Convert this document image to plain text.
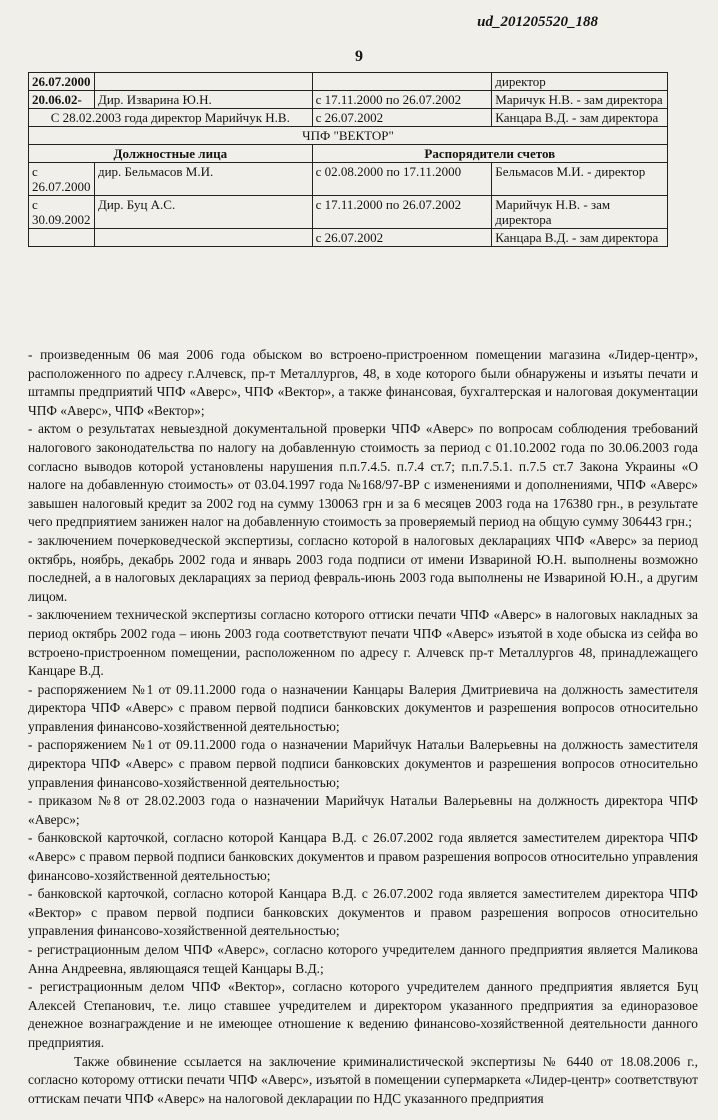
ud_201205520_188
9
26.07.2000			директор
20.06.02-	Дир. Изварина Ю.Н.	с 17.11.2000 по 26.07.2002	Маричук Н.В. - зам директора
С 28.02.2003 года директор Марийчук Н.В.		с 26.07.2002	Канцара В.Д. - зам директора
ЧПФ "ВЕКТОР"			
Должностные лица		Распорядители счетов	
с 26.07.2000	дир. Бельмасов М.И.	с 02.08.2000 по 17.11.2000	Бельмасов М.И. - директор
с 30.09.2002	Дир. Буц А.С.	с 17.11.2000 по 26.07.2002	Марийчук Н.В. - зам директора
		с 26.07.2002	Канцара В.Д. - зам директора

- произведенным 06 мая 2006 года обыском во встроено-пристроенном помещении магазина «Лидер-центр», расположенного по адресу г.Алчевск, пр-т Металлургов, 48, в ходе которого были обнаружены и изъяты печати и штампы предприятий ЧПФ «Аверс», ЧПФ «Вектор», а также финансовая, бухгалтерская и налоговая документации ЧПФ «Аверс», ЧПФ «Вектор»;

- актом о результатах невыездной документальной проверки ЧПФ «Аверс» по вопросам соблюдения требований налогового законодательства по налогу на добавленную стоимость за период с 01.10.2002 года по 30.06.2003 года согласно выводов которой установлены нарушения п.п.7.4.5. п.7.4 ст.7; п.п.7.5.1. п.7.5 ст.7 Закона Украины «О налоге на добавленную стоимость» от 03.04.1997 года №168/97-ВР с изменениями и дополнениями, ЧПФ «Аверс» завышен налоговый кредит за 2002 год на сумму 130063 грн и за 6 месяцев 2003 года на 176380 грн., в результате чего предприятием занижен налог на добавленную стоимость за проверяемый период на общую сумму 306443 грн.;

- заключением почерковедческой экспертизы, согласно которой в налоговых декларациях ЧПФ «Аверс» за период октябрь, ноябрь, декабрь 2002 года и январь 2003 года подписи от имени Извариной Ю.Н. выполнены возможно последней, а в налоговых декларациях за период февраль-июнь 2003 года выполнены не Извариной Ю.Н., а другим лицом.

- заключением технической экспертизы согласно которого оттиски печати ЧПФ «Аверс» в налоговых накладных за период октябрь 2002 года – июнь 2003 года соответствуют печати ЧПФ «Аверс» изъятой в ходе обыска из сейфа во встроено-пристроенном помещении, расположенном по адресу г. Алчевск пр-т Металлургов 48, принадлежащего Канцаре В.Д.

- распоряжением №1 от 09.11.2000 года о назначении Канцары Валерия Дмитриевича на должность заместителя директора ЧПФ «Аверс» с правом первой подписи банковских документов и разрешения вопросов относительно управления финансово-хозяйственной деятельностью;

- распоряжением №1 от 09.11.2000 года о назначении Марийчук Натальи Валерьевны на должность заместителя директора ЧПФ «Аверс» с правом первой подписи банковских документов и разрешения вопросов относительно управления финансово-хозяйственной деятельностью;

- приказом №8 от 28.02.2003 года о назначении Марийчук Натальи Валерьевны на должность директора ЧПФ «Аверс»;

- банковской карточкой, согласно которой Канцара В.Д. с 26.07.2002 года является заместителем директора ЧПФ «Аверс» с правом первой подписи банковских документов и правом разрешения вопросов относительно управления финансово-хозяйственной деятельностью;

- банковской карточкой, согласно которой Канцара В.Д. с 26.07.2002 года является заместителем директора ЧПФ «Вектор» с правом первой подписи банковских документов и правом разрешения вопросов относительно управления финансово-хозяйственной деятельностью;

- регистрационным делом ЧПФ «Аверс», согласно которого учредителем данного предприятия является Маликова Анна Андреевна, являющаяся тещей Канцары В.Д.;

- регистрационным делом ЧПФ «Вектор», согласно которого учредителем данного предприятия является Буц Алексей Степанович, т.е. лицо ставшее учредителем и директором указанного предприятия за единоразовое денежное вознаграждение и не имеющее отношение к ведению финансово-хозяйственной деятельности данного предприятия.

Также обвинение ссылается на заключение криминалистической экспертизы № 6440 от 18.08.2006 г., согласно которому оттиски печати ЧПФ «Аверс», изъятой в помещении супермаркета «Лидер-центр» соответствуют оттискам печати ЧПФ «Аверс» на налоговой декларации по НДС указанного предприятия
